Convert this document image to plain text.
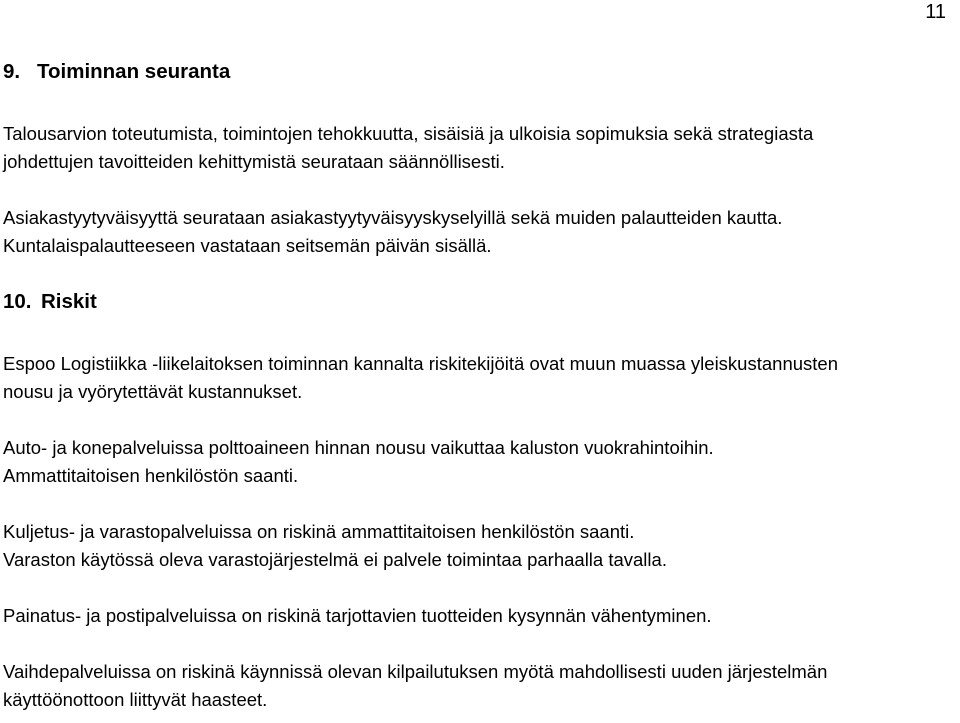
11
9. Toiminnan seuranta

Talousarvion toteutumista, toimintojen tehokkuutta, sisäisiä ja ulkoisia sopimuksia sekä strategiasta
johdettujen tavoitteiden kehittymistä seurataan säännöllisesti.

Asiakastyytyväisyyttä seurataan asiakastyytyväisyyskyselyillä sekä muiden palautteiden kautta.
Kuntalaispalautteeseen vastataan seitsemän päivän sisällä.

10. Riskit

Espoo Logistiikka -liikelaitoksen toiminnan kannalta riskitekijöitä ovat muun muassa yleiskustannusten
nousu ja vyörytettävät kustannukset.

Auto- ja konepalveluissa polttoaineen hinnan nousu vaikuttaa kaluston vuokrahintoihin.
Ammattitaitoisen henkilöstön saanti.

Kuljetus- ja varastopalveluissa on riskinä ammattitaitoisen henkilöstön saanti.
Varaston käytössä oleva varastojärjestelmä ei palvele toimintaa parhaalla tavalla.

Painatus- ja postipalveluissa on riskinä tarjottavien tuotteiden kysynnän vähentyminen.

Vaihdepalveluissa on riskinä käynnissä olevan kilpailutuksen myötä mahdollisesti uuden järjestelmän
käyttöönottoon liittyvät haasteet.
